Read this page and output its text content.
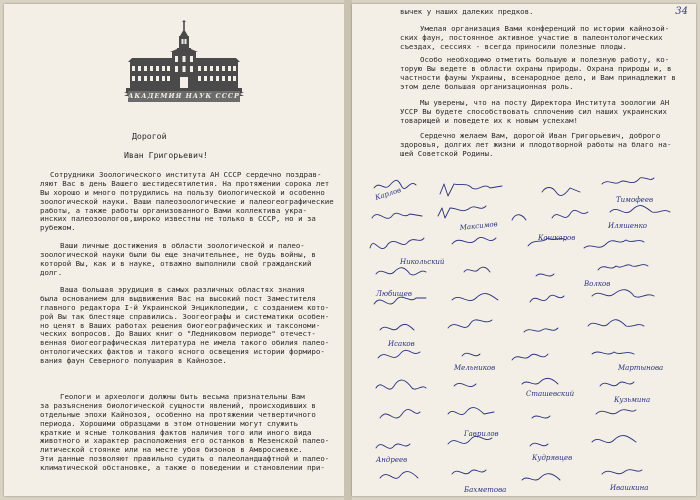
АКАДЕМИЯ НАУК СССР
Дорогой
Иван Григорьевич!
Сотрудники Зоологического института АН СССР сердечно поздрав-
ляют Вас в день Вашего шестидесятилетия. На протяжении сорока лет
Вы хорошо и много потрудились на пользу биологической и особенно
зоологической науки. Ваши палеозоологические и палеогеографические
работы, а также работы организованного Вами коллектива укра-
инских палеозоологов,широко известны не только в СССР, но и за
рубежом.
Ваши личные достижения в области зоологической и палео-
зоологической науки были бы еще значительнее, не будь войны, в
которой Вы, как и в науке, отважно выполнили свой гражданский
долг.
Ваша большая эрудиция в самых различных областях знания
была основанием для выдвижения Вас на высокий пост Заместителя
главного редактора I-й Украинской Энциклопедии, с созданием кото-
рой Вы так блестяще справились. Зоогеографы и систематики особен-
но ценят в Ваших работах решения биогеографических и таксономи-
ческих вопросов. До Ваших книг о "Ледниковом периоде" отечест-
венная биогеографическая литература не имела такого обилия палео-
онтологических фактов и такого ясного освещения истории формиро-
вания фаун Северного полушария в Кайнозое.
Геологи и археологи должны быть весьма признательны Вам
за разъяснения биологической сущности явлений, происходивших в
отдельные эпохи Кайнозоя, особенно на протяжении четвертичного
периода. Хорошими образцами в этом отношении могут служить
краткие и ясные толкования фактов наличия того или иного вида
животного и характер расположения его останков в Мезенской палео-
литической стоянке или на месте убоя бизонов в Амвросиевке.
Эти данные позволяют правильно судить о палеоландшафтной и палео-
климатической обстановке, а также о поведении и становлении при-
34
вычек у наших далеких предков.
Умелая организация Вами конференций по истории кайнозой-
ских фаун, постоянное активное участие в палеонтологических
съездах, сессиях - всегда приносили полезные плоды.
Особо необходимо отметить большую и полезную работу, ко-
торую Вы ведете в области охраны природы. Охрана природы и, в
частности фауны Украины, всенародное дело, и Вам принадлежит в
этом деле большая организационная роль.
Мы уверены, что на посту Директора Института зоологии АН
УССР Вы будете способствовать сплочению сил наших украинских
товарищей и поведете их к новым успехам!
Сердечно желаем Вам, дорогой Иван Григорьевич, доброго
здоровья, долгих лет жизни и плодотворной работы на благо на-
шей Советской Родины.
Карлов
Максимов
Кашкаров
Иляшенко
Тимофеев
Никольский
Любищев
Волков
Исаков
Мельников
Сташевский
Кузьмина
Гаврилов
Андреев	Кудрявцев
Бахметова	Ивашкина
Мартынова
